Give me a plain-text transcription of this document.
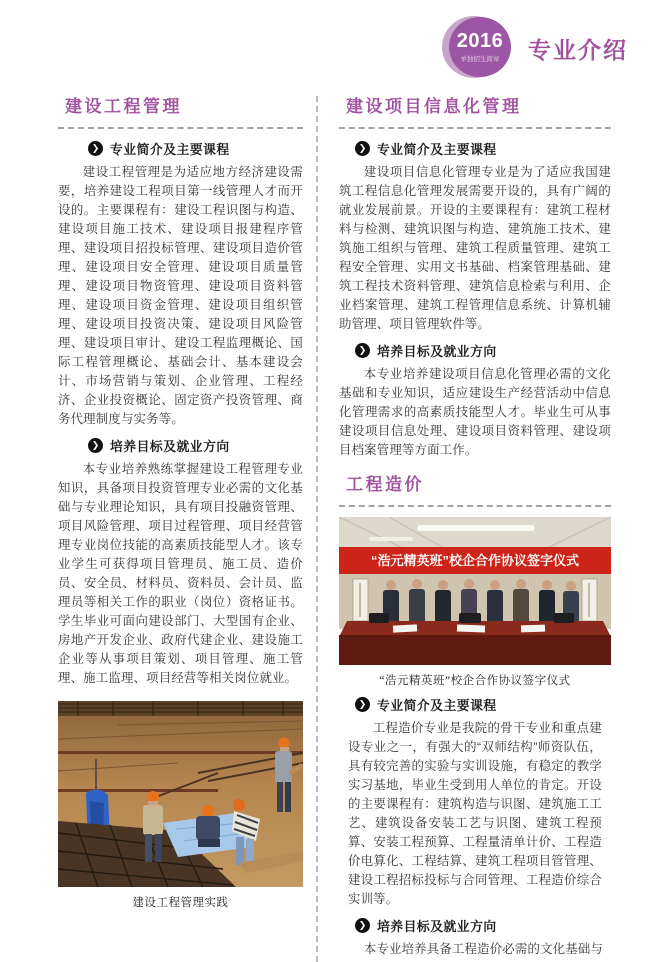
2016
单独招生简章 专业介绍
建设工程管理
❯ 专业简介及主要课程
建设工程管理是为适应地方经济建设需要，培养建设工程项目第一线管理人才而开设的。主要课程有：建设工程识图与构造、建设项目施工技术、建设项目报建程序管理、建设项目招投标管理、建设项目造价管理、建设项目安全管理、建设项目质量管理、建设项目物资管理、建设项目资料管理、建设项目资金管理、建设项目组织管理、建设项目投资决策、建设项目风险管理、建设项目审计、建设工程监理概论、国际工程管理概论、基础会计、基本建设会计、市场营销与策划、企业管理、工程经济、企业投资概论、固定资产投资管理、商务代理制度与实务等。
❯ 培养目标及就业方向
本专业培养熟练掌握建设工程管理专业知识，具备项目投资管理专业必需的文化基础与专业理论知识，具有项目投融资管理、项目风险管理、项目过程管理、项目经营管理专业岗位技能的高素质技能型人才。该专业学生可获得项目管理员、施工员、造价员、安全员、材料员、资料员、会计员、监理员等相关工作的职业（岗位）资格证书。学生毕业可面向建设部门、大型国有企业、房地产开发企业、政府代建企业、建设施工企业等从事项目策划、项目管理、施工管理、施工监理、项目经营等相关岗位就业。
建设工程管理实践
建设项目信息化管理
❯ 专业简介及主要课程
建设项目信息化管理专业是为了适应我国建筑工程信息化管理发展需要开设的，具有广阔的就业发展前景。开设的主要课程有：建筑工程材料与检测、建筑识图与构造、建筑施工技术、建筑施工组织与管理、建筑工程质量管理、建筑工程安全管理、实用文书基础、档案管理基础、建筑工程技术资料管理、建筑信息检索与利用、企业档案管理、建筑工程管理信息系统、计算机辅助管理、项目管理软件等。
❯ 培养目标及就业方向
本专业培养建设项目信息化管理必需的文化基础和专业知识，适应建设生产经营活动中信息化管理需求的高素质技能型人才。毕业生可从事建设项目信息处理、建设项目资料管理、建设项目档案管理等方面工作。
工程造价
“浩元精英班”校企合作协议签字仪式
“浩元精英班”校企合作协议签字仪式
❯ 专业简介及主要课程
工程造价专业是我院的骨干专业和重点建设专业之一，有强大的“双师结构”师资队伍，具有较完善的实验与实训设施，有稳定的教学实习基地，毕业生受到用人单位的肯定。开设的主要课程有：建筑构造与识图、建筑施工工艺、建筑设备安装工艺与识图、建筑工程预算、安装工程预算、工程量清单计价、工程造价电算化、工程结算、建筑工程项目管管理、建设工程招标投标与合同管理、工程造价综合实训等。
❯ 培养目标及就业方向
本专业培养具备工程造价必需的文化基础与
